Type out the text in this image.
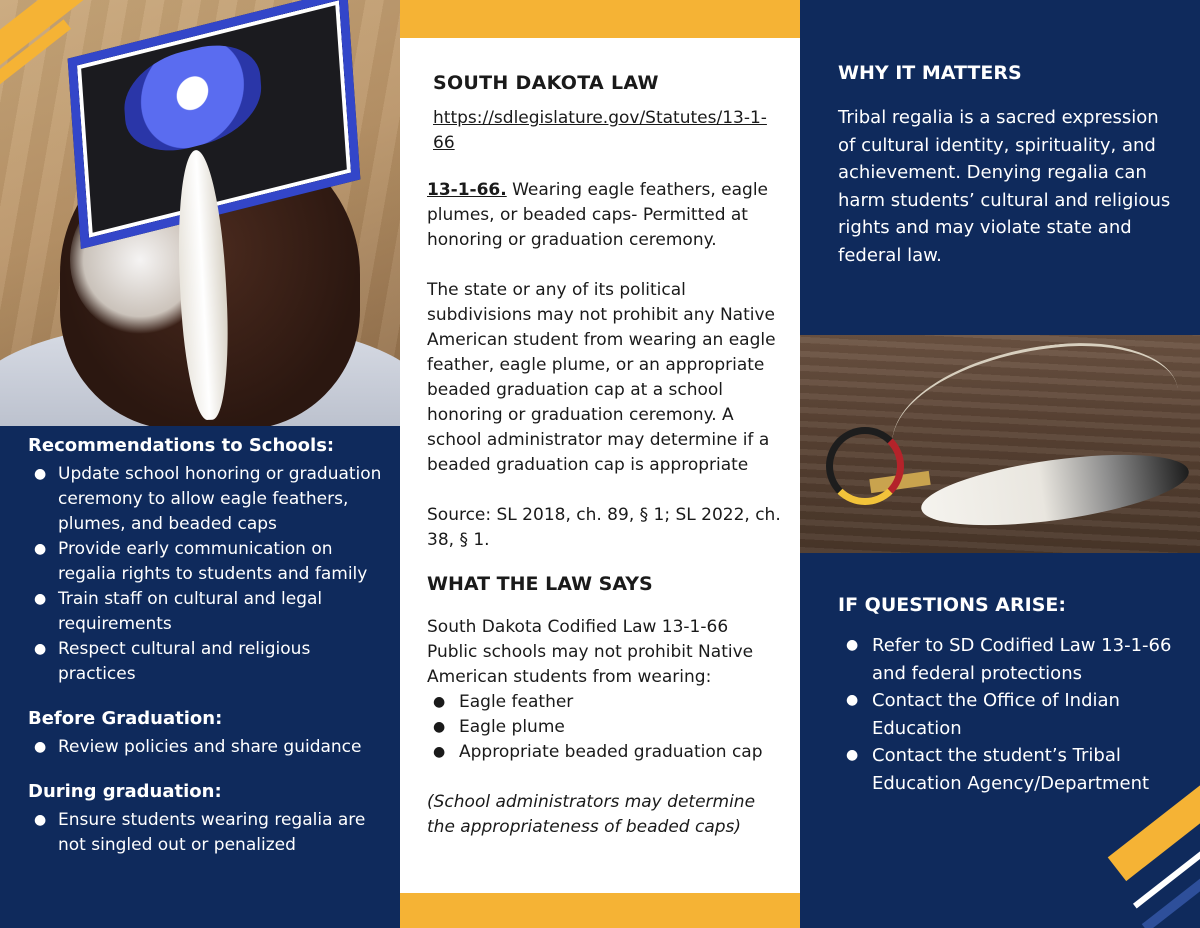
Recommendations to Schools:
● Update school honoring or graduation ceremony to allow eagle feathers, plumes, and beaded caps
● Provide early communication on regalia rights to students and family
● Train staff on cultural and legal requirements
● Respect cultural and religious practices
Before Graduation:
● Review policies and share guidance
During graduation:
● Ensure students wearing regalia are not singled out or penalized
SOUTH DAKOTA LAW
https://sdlegislature.gov/Statutes/13-1-66

13-1-66. Wearing eagle feathers, eagle plumes, or beaded caps- Permitted at honoring or graduation ceremony.

The state or any of its political subdivisions may not prohibit any Native American student from wearing an eagle feather, eagle plume, or an appropriate beaded graduation cap at a school honoring or graduation ceremony. A school administrator may determine if a beaded graduation cap is appropriate

Source: SL 2018, ch. 89, § 1; SL 2022, ch. 38, § 1.

WHAT THE LAW SAYS

South Dakota Codified Law 13-1-66 Public schools may not prohibit Native American students from wearing:

● Eagle feather
● Eagle plume
● Appropriate beaded graduation cap

(School administrators may determine the appropriateness of beaded caps)

WHY IT MATTERS

Tribal regalia is a sacred expression of cultural identity, spirituality, and achievement. Denying regalia can harm students’ cultural and religious rights and may violate state and federal law.

IF QUESTIONS ARISE:
● Refer to SD Codified Law 13-1-66 and federal protections
● Contact the Office of Indian Education
● Contact the student’s Tribal Education Agency/Department
